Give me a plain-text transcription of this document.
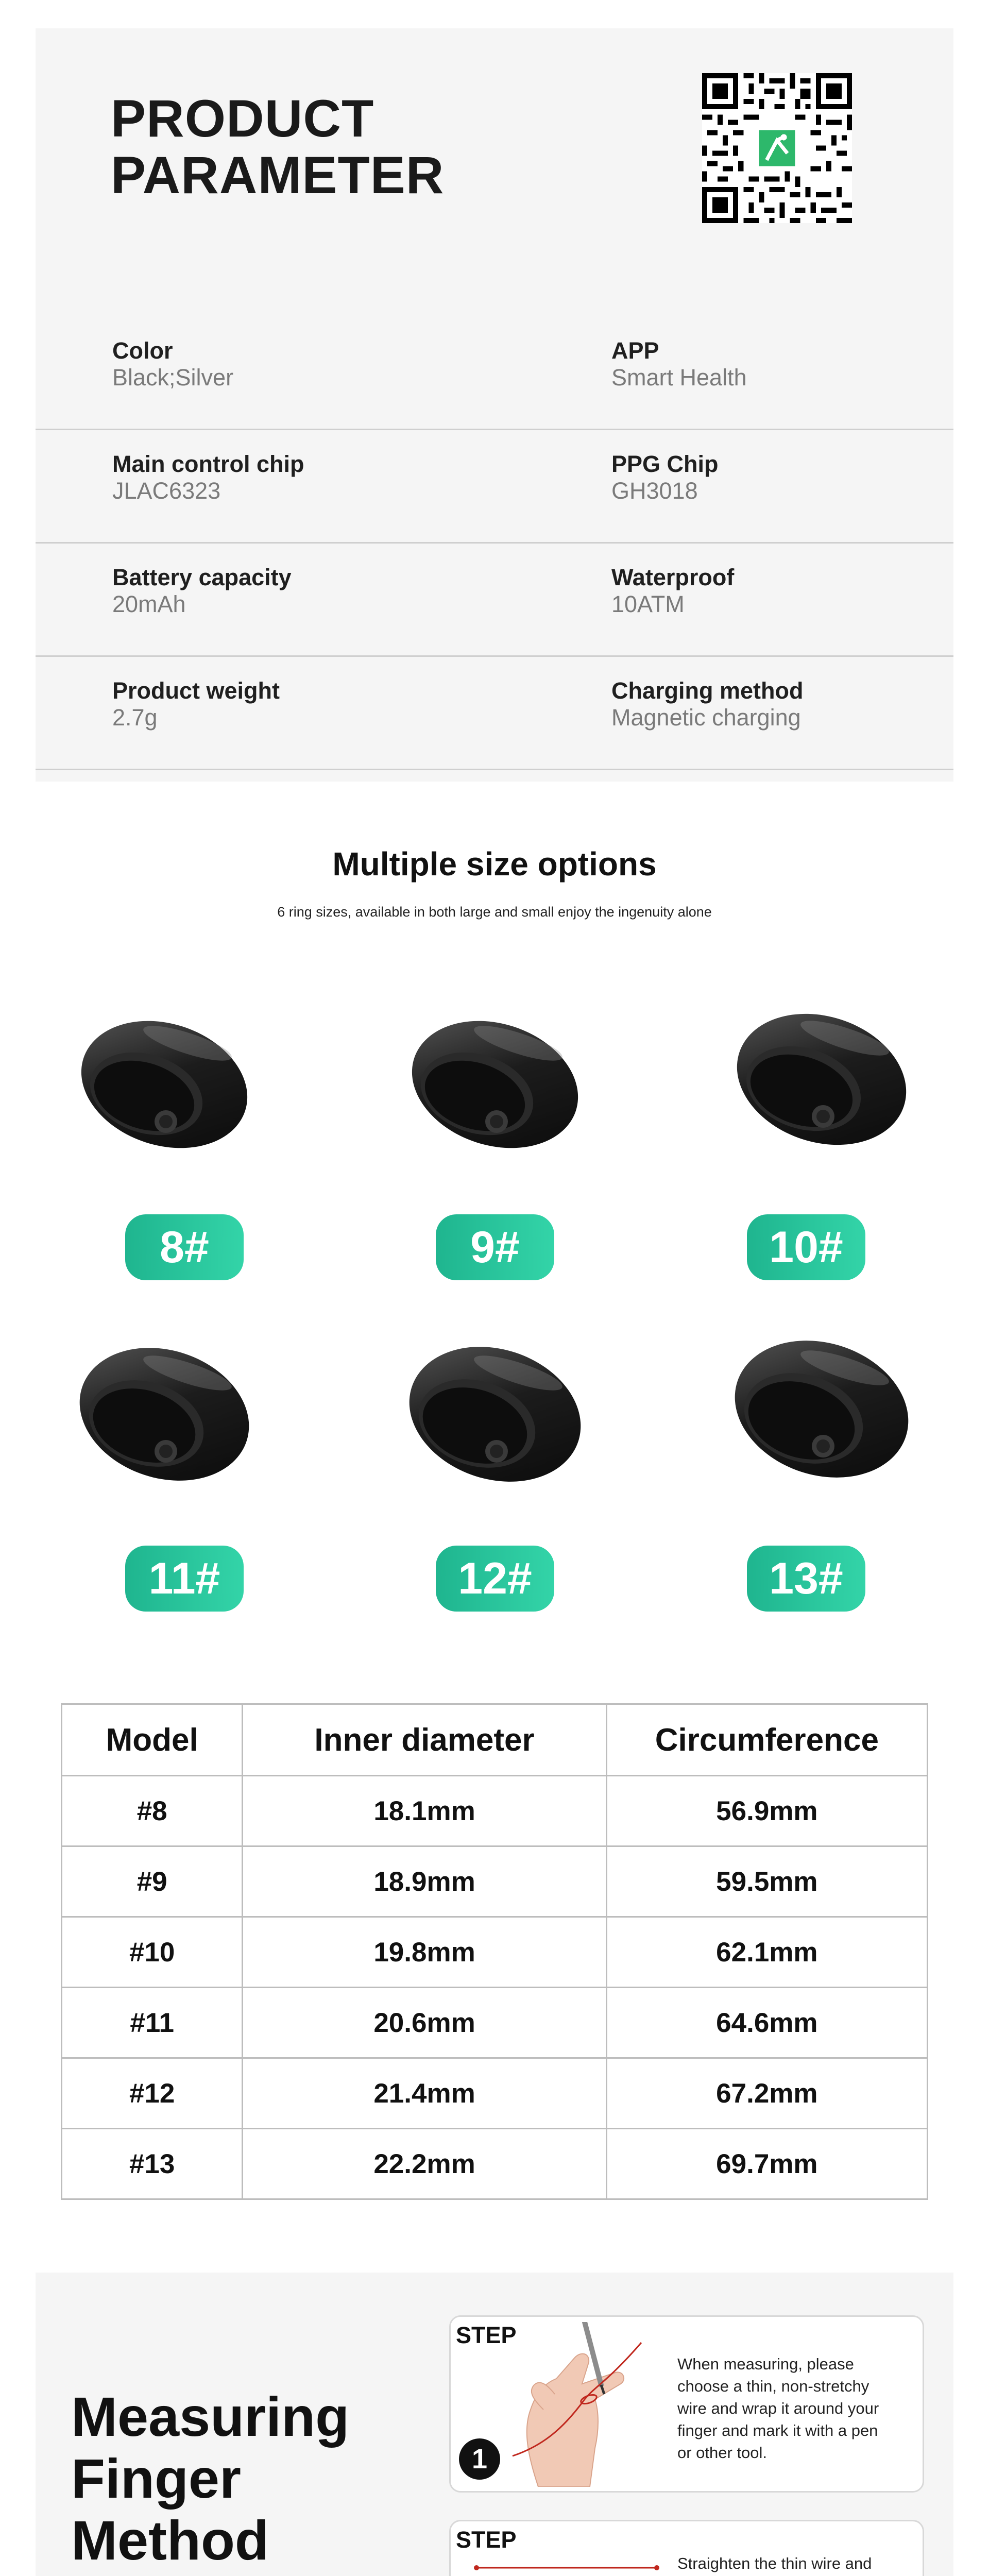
PRODUCT
PARAMETER
Color
Black;Silver
APP
Smart Health
Main control chip
JLAC6323
PPG Chip
GH3018
Battery capacity
20mAh
Waterproof
10ATM
Product weight
2.7g
Charging method
Magnetic charging
Multiple size options
6 ring sizes, available in both large and small enjoy the ingenuity alone
8#	9#	10#
11#	12#	13#
Model	Inner diameter	Circumference
#8	18.1mm	56.9mm
#9	18.9mm	59.5mm
#10	19.8mm	62.1mm
#11	20.6mm	64.6mm
#12	21.4mm	67.2mm
#13	22.2mm	69.7mm
Measuring
Finger
Method
STEP
1
When measuring, please choose a thin, non-stretchy wire and wrap it around your finger and mark it with a pen or other tool.
STEP
Straighten the thin wire and
